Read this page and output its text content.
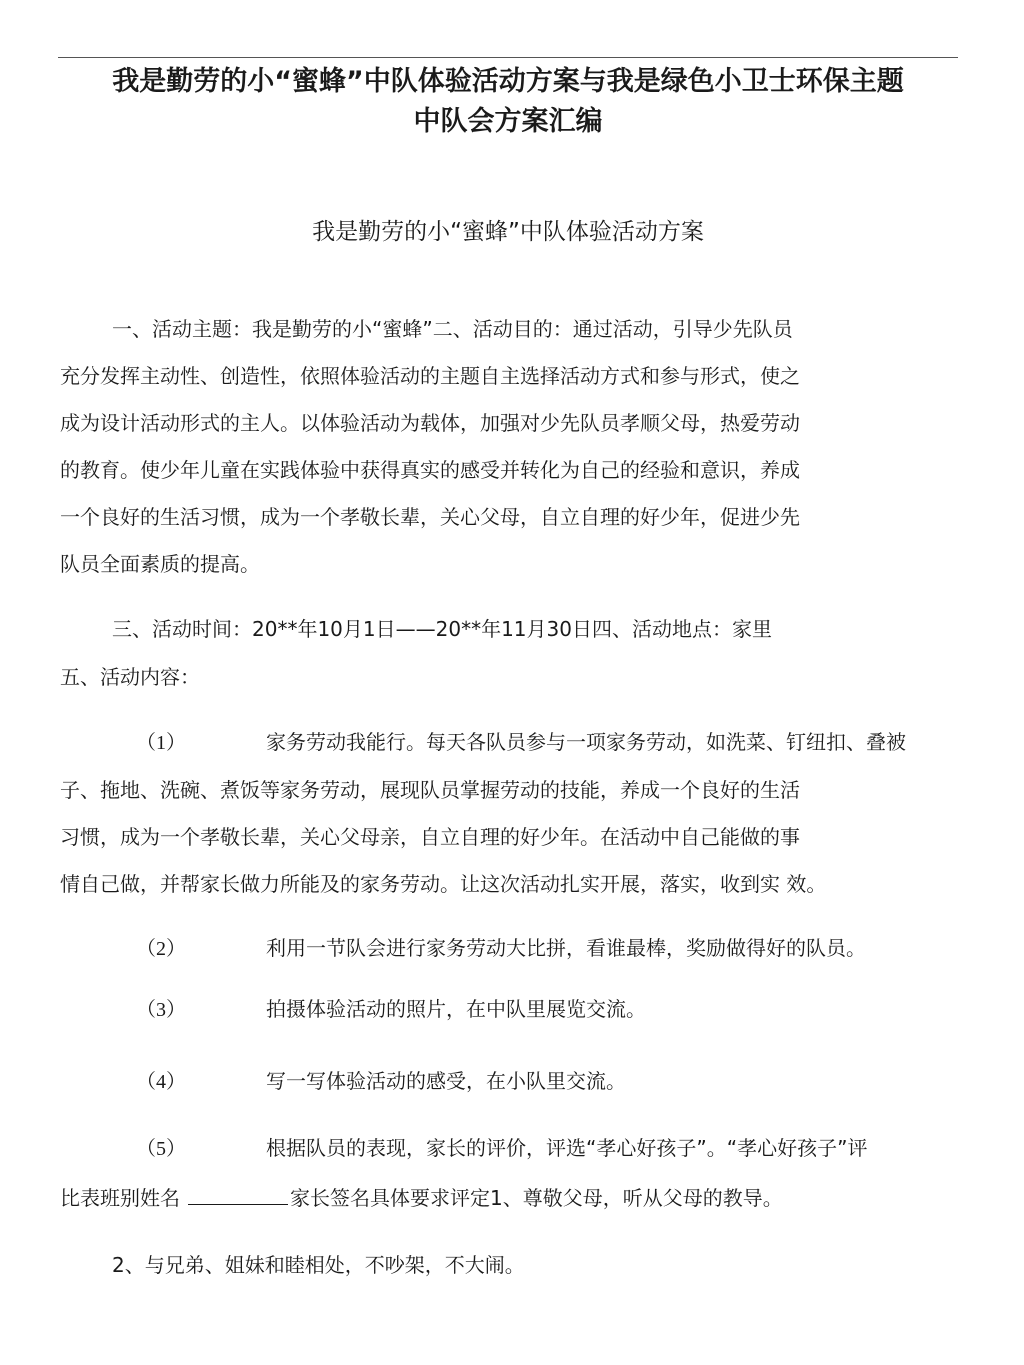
我是勤劳的小“蜜蜂”中队体验活动方案与我是绿色小卫士环保主题
中队会方案汇编
我是勤劳的小“蜜蜂”中队体验活动方案

一、活动主题：我是勤劳的小“蜜蜂”二、活动目的：通过活动，引导少先队员
充分发挥主动性、创造性，依照体验活动的主题自主选择活动方式和参与形式，使之
成为设计活动形式的主人。以体验活动为载体，加强对少先队员孝顺父母，热爱劳动
的教育。使少年儿童在实践体验中获得真实的感受并转化为自己的经验和意识，养成
一个良好的生活习惯，成为一个孝敬长辈，关心父母，自立自理的好少年，促进少先
队员全面素质的提高。

三、活动时间：20**年10月1日——20**年11月30日四、活动地点：家里
五、活动内容：

（1）	家务劳动我能行。每天各队员参与一项家务劳动，如洗菜、钉纽扣、叠被
子、拖地、洗碗、煮饭等家务劳动，展现队员掌握劳动的技能，养成一个良好的生活
习惯，成为一个孝敬长辈，关心父母亲，自立自理的好少年。在活动中自己能做的事
情自己做，并帮家长做力所能及的家务劳动。让这次活动扎实开展，落实，收到实 效。

（2）	利用一节队会进行家务劳动大比拼，看谁最棒，奖励做得好的队员。

（3）	拍摄体验活动的照片，在中队里展览交流。

（4）	写一写体验活动的感受，在小队里交流。

（5）	根据队员的表现，家长的评价，评选“孝心好孩子”。“孝心好孩子”评
比表班别姓名	家长签名具体要求评定1、尊敬父母，听从父母的教导。

2、与兄弟、姐妹和睦相处，不吵架，不大闹。
